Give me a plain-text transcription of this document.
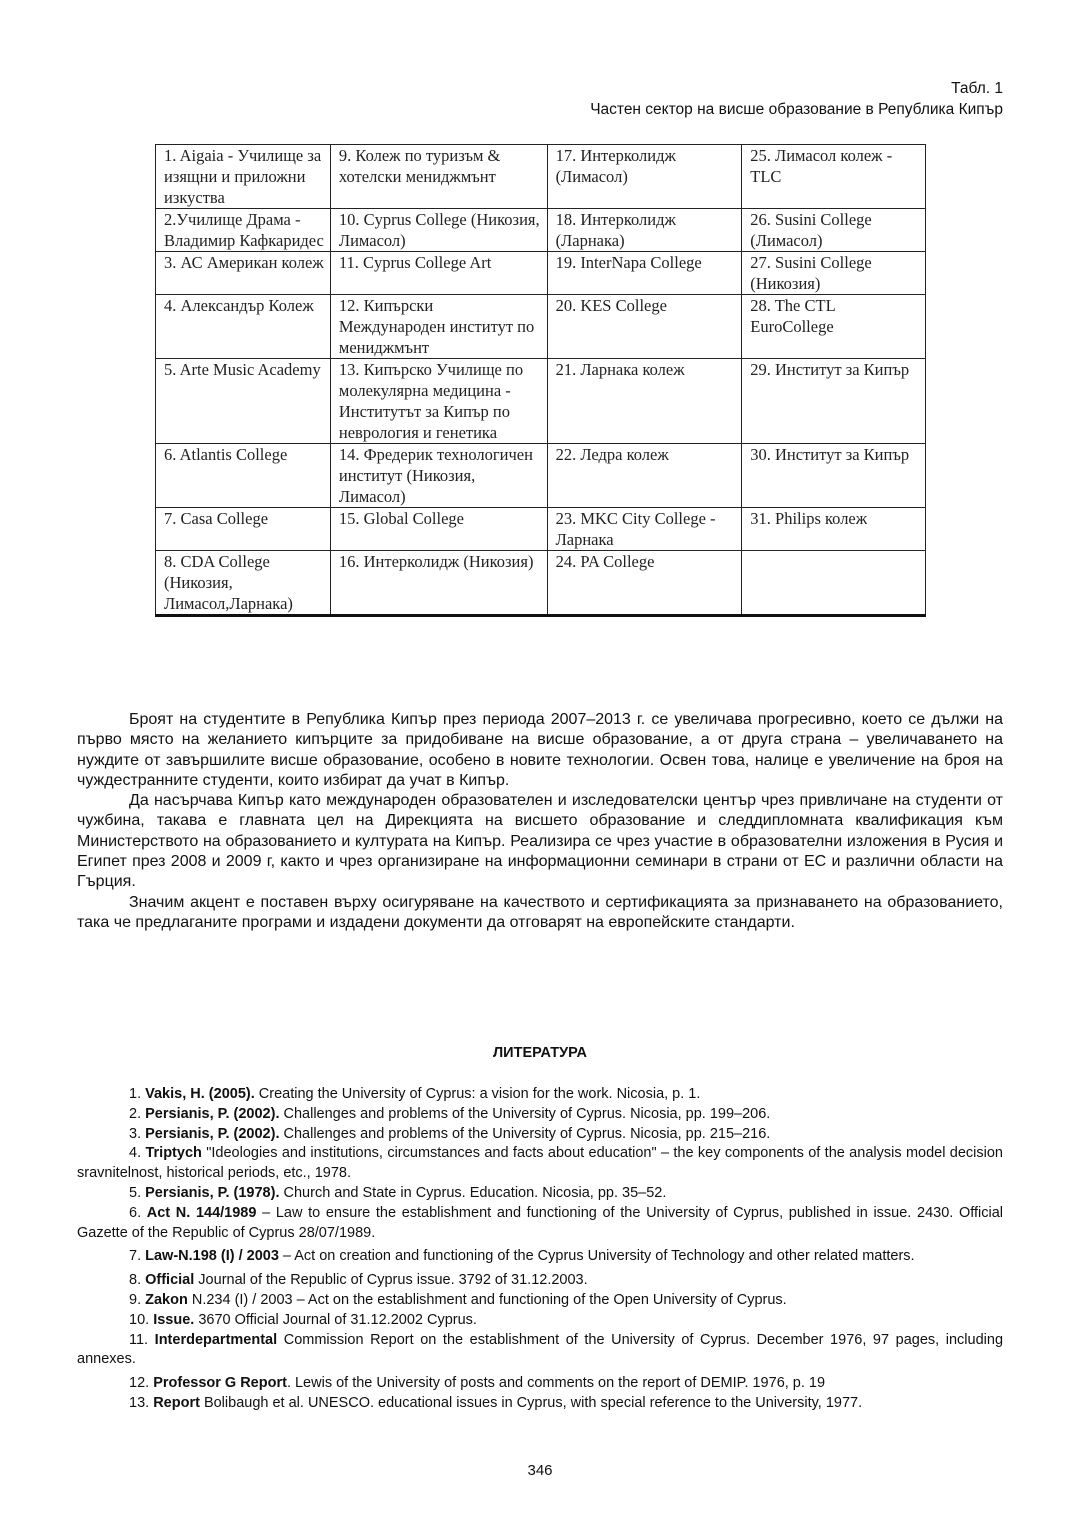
Табл. 1
Частен сектор на висше образование в Република Кипър
1. Aigaia - Училище за изящни и приложни изкуства	9. Колеж по туризъм & хотелски мениджмънт	17. Интерколидж (Лимасол)	25. Лимасол колеж - TLC
2.Училище Драма - Владимир Кафкаридес	10. Cyprus College (Никозия, Лимасол)	18. Интерколидж (Ларнака)	26. Susini College (Лимасол)
3. АС Американ колеж	11. Cyprus College Art	19. InterNapa College	27. Susini College (Никозия)
4. Александър Колеж	12. Кипърски Международен институт по мениджмънт	20. KES College	28. The CTL EuroCollege
5. Arte Music Academy	13. Кипърско Училище по молекулярна медицина - Институтът за Кипър по неврология и генетика	21. Ларнака колеж	29. Институт за Кипър
6. Atlantis College	14. Фредерик технологичен институт (Никозия, Лимасол)	22. Ледра колеж	30. Институт за Кипър
7. Casa College	15. Global College	23. MKC City College - Ларнака	31. Philips колеж
8. CDA College (Никозия, Лимасол,Ларнака)	16. Интерколидж (Никозия)	24. PA College	

Броят на студентите в Република Кипър през периода 2007–2013 г. се увеличава прогресивно, което се дължи на първо място на желанието кипърците за придобиване на висше образование, а от друга страна – увеличаването на нуждите от завършилите висше образование, особено в новите технологии. Освен това, налице е увеличение на броя на чуждестранните студенти, които избират да учат в Кипър.

Да насърчава Кипър като международен образователен и изследователски център чрез привличане на студенти от чужбина, такава е главната цел на Дирекцията на висшето образование и следдипломната квалификация към Министерството на образованието и културата на Кипър. Реализира се чрез участие в образователни изложения в Русия и Египет през 2008 и 2009 г, както и чрез организиране на информационни семинари в страни от ЕС и различни области на Гърция.

Значим акцент е поставен върху осигуряване на качеството и сертификацията за признаването на образованието, така че предлаганите програми и издадени документи да отговарят на европейските стандарти.

ЛИТЕРАТУРА

1. Vakis, H. (2005). Creating the University of Cyprus: a vision for the work. Nicosia, p. 1.

2. Persianis, P. (2002). Challenges and problems of the University of Cyprus. Nicosia, pp. 199–206.

3. Persianis, P. (2002). Challenges and problems of the University of Cyprus. Nicosia, pp. 215–216.

4. Triptych "Ideologies and institutions, circumstances and facts about education" – the key components of the analysis model decision sravnitelnost, historical periods, etc., 1978.

5. Persianis, P. (1978). Church and State in Cyprus. Education. Nicosia, pp. 35–52.

6. Act N. 144/1989 – Law to ensure the establishment and functioning of the University of Cyprus, published in issue. 2430. Official Gazette of the Republic of Cyprus 28/07/1989.

7. Law-N.198 (I) / 2003 – Act on creation and functioning of the Cyprus University of Technology and other related matters.

8. Official Journal of the Republic of Cyprus issue. 3792 of 31.12.2003.

9. Zakon N.234 (I) / 2003 – Act on the establishment and functioning of the Open University of Cyprus.

10. Issue. 3670 Official Journal of 31.12.2002 Cyprus.

11. Interdepartmental Commission Report on the establishment of the University of Cyprus. December 1976, 97 pages, including annexes.

12. Professor G Report. Lewis of the University of posts and comments on the report of DEMIP. 1976, p. 19

13. Report Bolibaugh et al. UNESCO. educational issues in Cyprus, with special reference to the University, 1977.

346
